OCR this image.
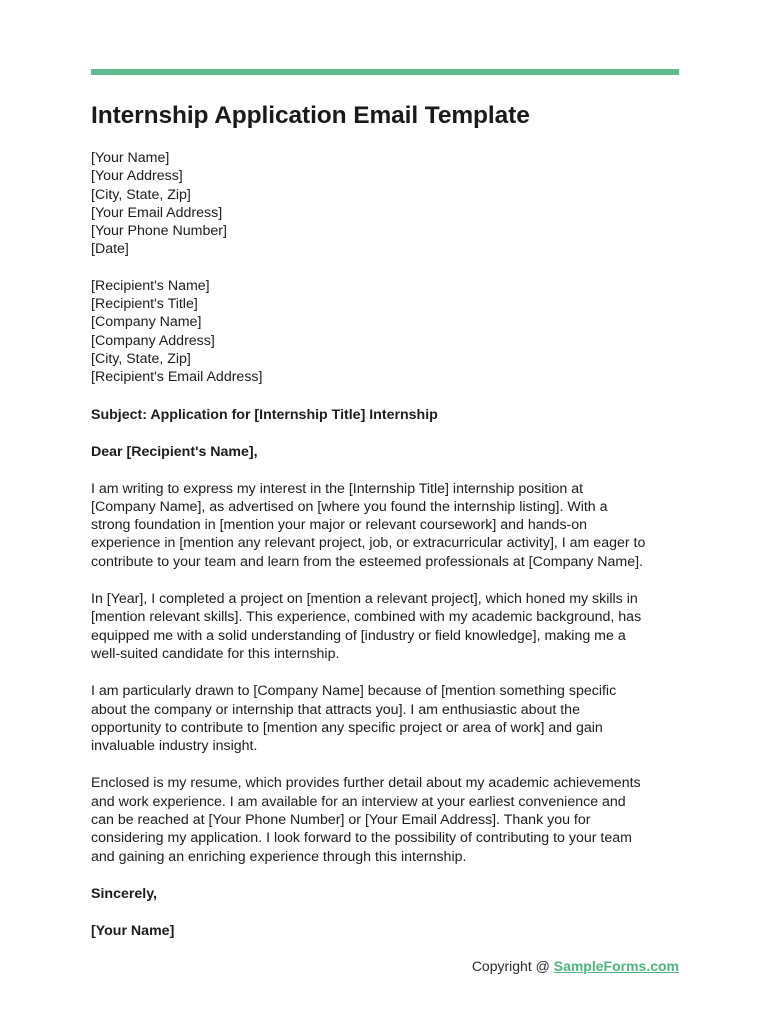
Internship Application Email Template
[Your Name]
[Your Address]
[City, State, Zip]
[Your Email Address]
[Your Phone Number]
[Date]
[Recipient's Name]
[Recipient's Title]
[Company Name]
[Company Address]
[City, State, Zip]
[Recipient's Email Address]
Subject: Application for [Internship Title] Internship
Dear [Recipient's Name],
I am writing to express my interest in the [Internship Title] internship position at
[Company Name], as advertised on [where you found the internship listing]. With a
strong foundation in [mention your major or relevant coursework] and hands-on
experience in [mention any relevant project, job, or extracurricular activity], I am eager to
contribute to your team and learn from the esteemed professionals at [Company Name].
In [Year], I completed a project on [mention a relevant project], which honed my skills in
[mention relevant skills]. This experience, combined with my academic background, has
equipped me with a solid understanding of [industry or field knowledge], making me a
well-suited candidate for this internship.
I am particularly drawn to [Company Name] because of [mention something specific
about the company or internship that attracts you]. I am enthusiastic about the
opportunity to contribute to [mention any specific project or area of work] and gain
invaluable industry insight.
Enclosed is my resume, which provides further detail about my academic achievements
and work experience. I am available for an interview at your earliest convenience and
can be reached at [Your Phone Number] or [Your Email Address]. Thank you for
considering my application. I look forward to the possibility of contributing to your team
and gaining an enriching experience through this internship.
Sincerely,
[Your Name]
Copyright @ SampleForms.com
